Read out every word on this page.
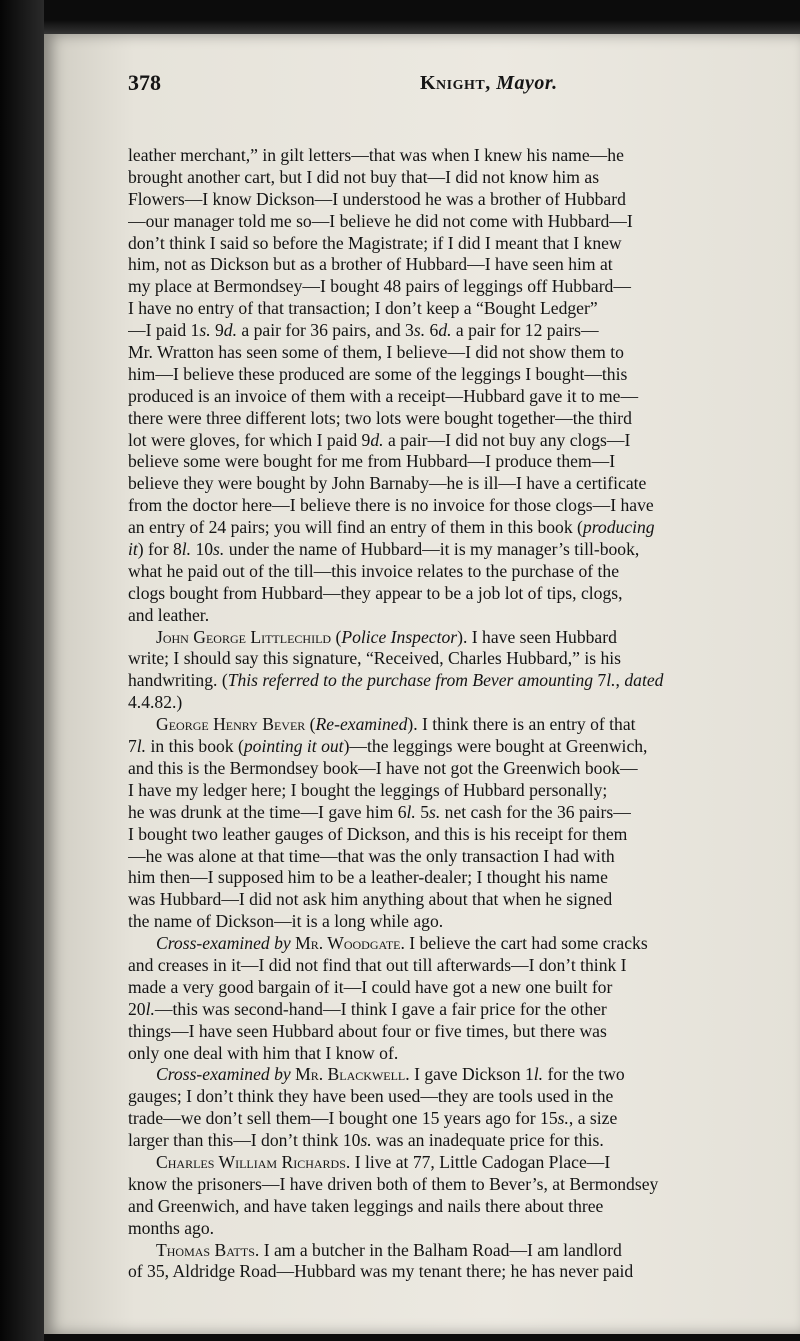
378	Knight, Mayor.
leather merchant,” in gilt letters—that was when I knew his name—he
brought another cart, but I did not buy that—I did not know him as
Flowers—I know Dickson—I understood he was a brother of Hubbard
—our manager told me so—I believe he did not come with Hubbard—I
don’t think I said so before the Magistrate; if I did I meant that I knew
him, not as Dickson but as a brother of Hubbard—I have seen him at
my place at Bermondsey—I bought 48 pairs of leggings off Hubbard—
I have no entry of that transaction; I don’t keep a “Bought Ledger”
—I paid 1s. 9d. a pair for 36 pairs, and 3s. 6d. a pair for 12 pairs—
Mr. Wratton has seen some of them, I believe—I did not show them to
him—I believe these produced are some of the leggings I bought—this
produced is an invoice of them with a receipt—Hubbard gave it to me—
there were three different lots; two lots were bought together—the third
lot were gloves, for which I paid 9d. a pair—I did not buy any clogs—I
believe some were bought for me from Hubbard—I produce them—I
believe they were bought by John Barnaby—he is ill—I have a certificate
from the doctor here—I believe there is no invoice for those clogs—I have
an entry of 24 pairs; you will find an entry of them in this book (producing
it) for 8l. 10s. under the name of Hubbard—it is my manager’s till-book,
what he paid out of the till—this invoice relates to the purchase of the
clogs bought from Hubbard—they appear to be a job lot of tips, clogs,
and leather.
John George Littlechild (Police Inspector). I have seen Hubbard
write; I should say this signature, “Received, Charles Hubbard,” is his
handwriting. (This referred to the purchase from Bever amounting 7l., dated
4.4.82.)
George Henry Bever (Re-examined). I think there is an entry of that
7l. in this book (pointing it out)—the leggings were bought at Greenwich,
and this is the Bermondsey book—I have not got the Greenwich book—
I have my ledger here; I bought the leggings of Hubbard personally;
he was drunk at the time—I gave him 6l. 5s. net cash for the 36 pairs—
I bought two leather gauges of Dickson, and this is his receipt for them
—he was alone at that time—that was the only transaction I had with
him then—I supposed him to be a leather-dealer; I thought his name
was Hubbard—I did not ask him anything about that when he signed
the name of Dickson—it is a long while ago.
Cross-examined by Mr. Woodgate. I believe the cart had some cracks
and creases in it—I did not find that out till afterwards—I don’t think I
made a very good bargain of it—I could have got a new one built for
20l.—this was second-hand—I think I gave a fair price for the other
things—I have seen Hubbard about four or five times, but there was
only one deal with him that I know of.
Cross-examined by Mr. Blackwell. I gave Dickson 1l. for the two
gauges; I don’t think they have been used—they are tools used in the
trade—we don’t sell them—I bought one 15 years ago for 15s., a size
larger than this—I don’t think 10s. was an inadequate price for this.
Charles William Richards. I live at 77, Little Cadogan Place—I
know the prisoners—I have driven both of them to Bever’s, at Bermondsey
and Greenwich, and have taken leggings and nails there about three
months ago.
Thomas Batts. I am a butcher in the Balham Road—I am landlord
of 35, Aldridge Road—Hubbard was my tenant there; he has never paid
